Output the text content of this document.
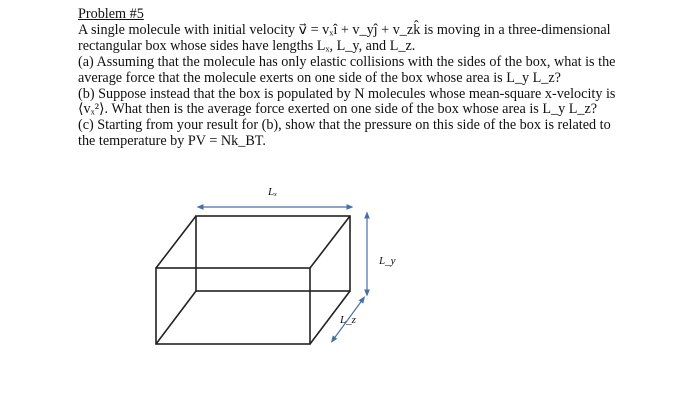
Problem #5
A single molecule with initial velocity v⃗ = vₓî + v_yĵ + v_zk̂ is moving in a three-dimensional
rectangular box whose sides have lengths Lₓ, L_y, and L_z.
(a) Assuming that the molecule has only elastic collisions with the sides of the box, what is the
average force that the molecule exerts on one side of the box whose area is L_y L_z?
(b) Suppose instead that the box is populated by N molecules whose mean-square x-velocity is
⟨vₓ²⟩. What then is the average force exerted on one side of the box whose area is L_y L_z?
(c) Starting from your result for (b), show that the pressure on this side of the box is related to
the temperature by PV = Nk_BT.
Lₓ
L_y
L_z
